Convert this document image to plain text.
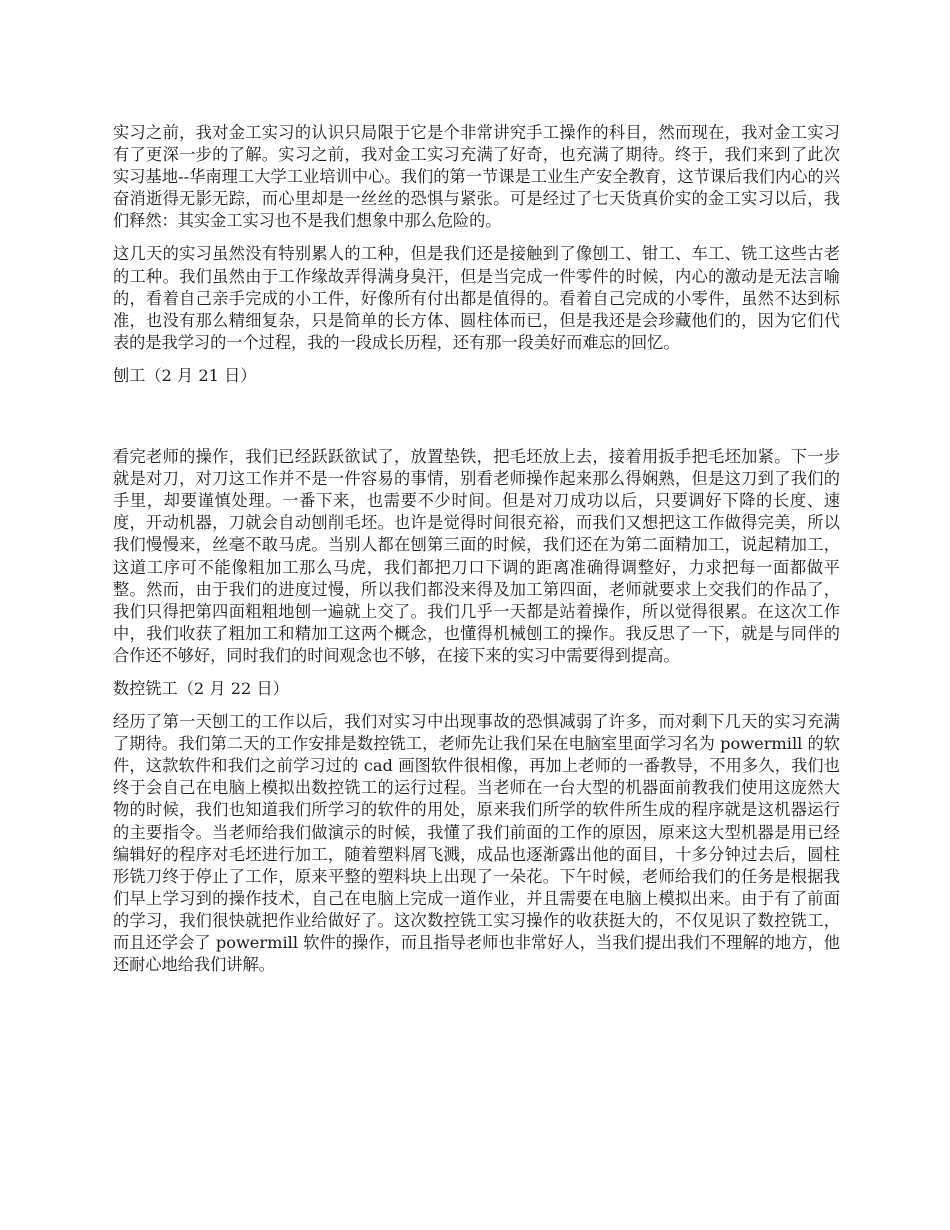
实习之前，我对金工实习的认识只局限于它是个非常讲究手工操作的科目，然而现在，我对金工实习有了更深一步的了解。实习之前，我对金工实习充满了好奇，也充满了期待。终于，我们来到了此次实习基地--华南理工大学工业培训中心。我们的第一节课是工业生产安全教育，这节课后我们内心的兴奋消逝得无影无踪，而心里却是一丝丝的恐惧与紧张。可是经过了七天货真价实的金工实习以后，我们释然：其实金工实习也不是我们想象中那么危险的。

这几天的实习虽然没有特别累人的工种，但是我们还是接触到了像刨工、钳工、车工、铣工这些古老的工种。我们虽然由于工作缘故弄得满身臭汗，但是当完成一件零件的时候，内心的激动是无法言喻的，看着自己亲手完成的小工件，好像所有付出都是值得的。看着自己完成的小零件，虽然不达到标准，也没有那么精细复杂，只是简单的长方体、圆柱体而已，但是我还是会珍藏他们的，因为它们代表的是我学习的一个过程，我的一段成长历程，还有那一段美好而难忘的回忆。

刨工（2 月 21 日）

看完老师的操作，我们已经跃跃欲试了，放置垫铁，把毛坯放上去，接着用扳手把毛坯加紧。下一步就是对刀，对刀这工作并不是一件容易的事情，别看老师操作起来那么得娴熟，但是这刀到了我们的手里，却要谨慎处理。一番下来，也需要不少时间。但是对刀成功以后，只要调好下降的长度、速度，开动机器，刀就会自动刨削毛坯。也许是觉得时间很充裕，而我们又想把这工作做得完美，所以我们慢慢来，丝毫不敢马虎。当别人都在刨第三面的时候，我们还在为第二面精加工，说起精加工，这道工序可不能像粗加工那么马虎，我们都把刀口下调的距离准确得调整好，力求把每一面都做平整。然而，由于我们的进度过慢，所以我们都没来得及加工第四面，老师就要求上交我们的作品了，我们只得把第四面粗粗地刨一遍就上交了。我们几乎一天都是站着操作，所以觉得很累。在这次工作中，我们收获了粗加工和精加工这两个概念，也懂得机械刨工的操作。我反思了一下，就是与同伴的合作还不够好，同时我们的时间观念也不够，在接下来的实习中需要得到提高。

数控铣工（2 月 22 日）

经历了第一天刨工的工作以后，我们对实习中出现事故的恐惧减弱了许多，而对剩下几天的实习充满了期待。我们第二天的工作安排是数控铣工，老师先让我们呆在电脑室里面学习名为 powermill 的软件，这款软件和我们之前学习过的 cad 画图软件很相像，再加上老师的一番教导，不用多久，我们也终于会自己在电脑上模拟出数控铣工的运行过程。当老师在一台大型的机器面前教我们使用这庞然大物的时候，我们也知道我们所学习的软件的用处，原来我们所学的软件所生成的程序就是这机器运行的主要指令。当老师给我们做演示的时候，我懂了我们前面的工作的原因，原来这大型机器是用已经编辑好的程序对毛坯进行加工，随着塑料屑飞溅，成品也逐渐露出他的面目，十多分钟过去后，圆柱形铣刀终于停止了工作，原来平整的塑料块上出现了一朵花。下午时候，老师给我们的任务是根据我们早上学习到的操作技术，自己在电脑上完成一道作业，并且需要在电脑上模拟出来。由于有了前面的学习，我们很快就把作业给做好了。这次数控铣工实习操作的收获挺大的，不仅见识了数控铣工，而且还学会了 powermill 软件的操作，而且指导老师也非常好人，当我们提出我们不理解的地方，他还耐心地给我们讲解。
